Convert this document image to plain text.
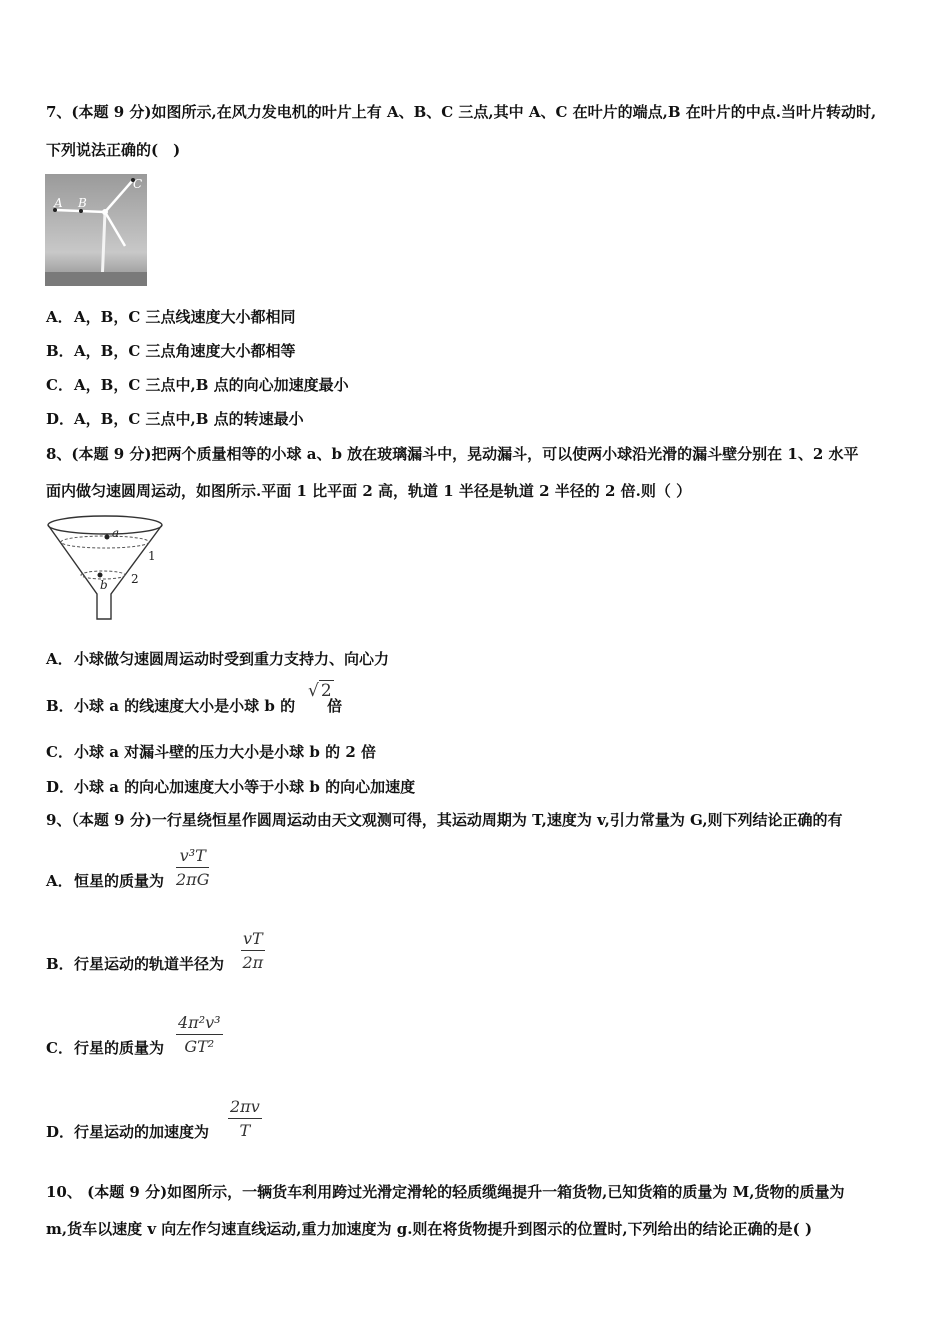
7、(本题 9 分)如图所示,在风力发电机的叶片上有 A、B、C 三点,其中 A、C 在叶片的端点,B 在叶片的中点.当叶片转动时,
下列说法正确的(　)
A B
C
A．A，B，C 三点线速度大小都相同
B．A，B，C 三点角速度大小都相等
C．A，B，C 三点中,B 点的向心加速度最小
D．A，B，C 三点中,B 点的转速最小
8、(本题 9 分)把两个质量相等的小球 a、b 放在玻璃漏斗中，晃动漏斗，可以使两小球沿光滑的漏斗壁分别在 1、2 水平
面内做匀速圆周运动，如图所示.平面 1 比平面 2 高，轨道 1 半径是轨道 2 半径的 2 倍.则（ ）
a
b
1
2
A．小球做匀速圆周运动时受到重力支持力、向心力
B．小球 a 的线速度大小是小球 b 的 倍
√ 2
C．小球 a 对漏斗壁的压力大小是小球 b 的 2 倍
D．小球 a 的向心加速度大小等于小球 b 的向心加速度
9、（本题 9 分)一行星绕恒星作圆周运动由天文观测可得，其运动周期为 T,速度为 v,引力常量为 G,则下列结论正确的有
A．恒星的质量为 $\frac{\text{v³T}}{2\pi G}$
B．行星运动的轨道半径为 $\frac{vT}{2\pi}$
C．行星的质量为 $\frac{\text{4π²v³}}{\text{GT²}}$
D．行星运动的加速度为 $\frac{2\pi v}{T}$
10、 (本题 9 分)如图所示，一辆货车利用跨过光滑定滑轮的轻质缆绳提升一箱货物,已知货箱的质量为 M,货物的质量为
m,货车以速度 v 向左作匀速直线运动,重力加速度为 g.则在将货物提升到图示的位置时,下列给出的结论正确的是( )
